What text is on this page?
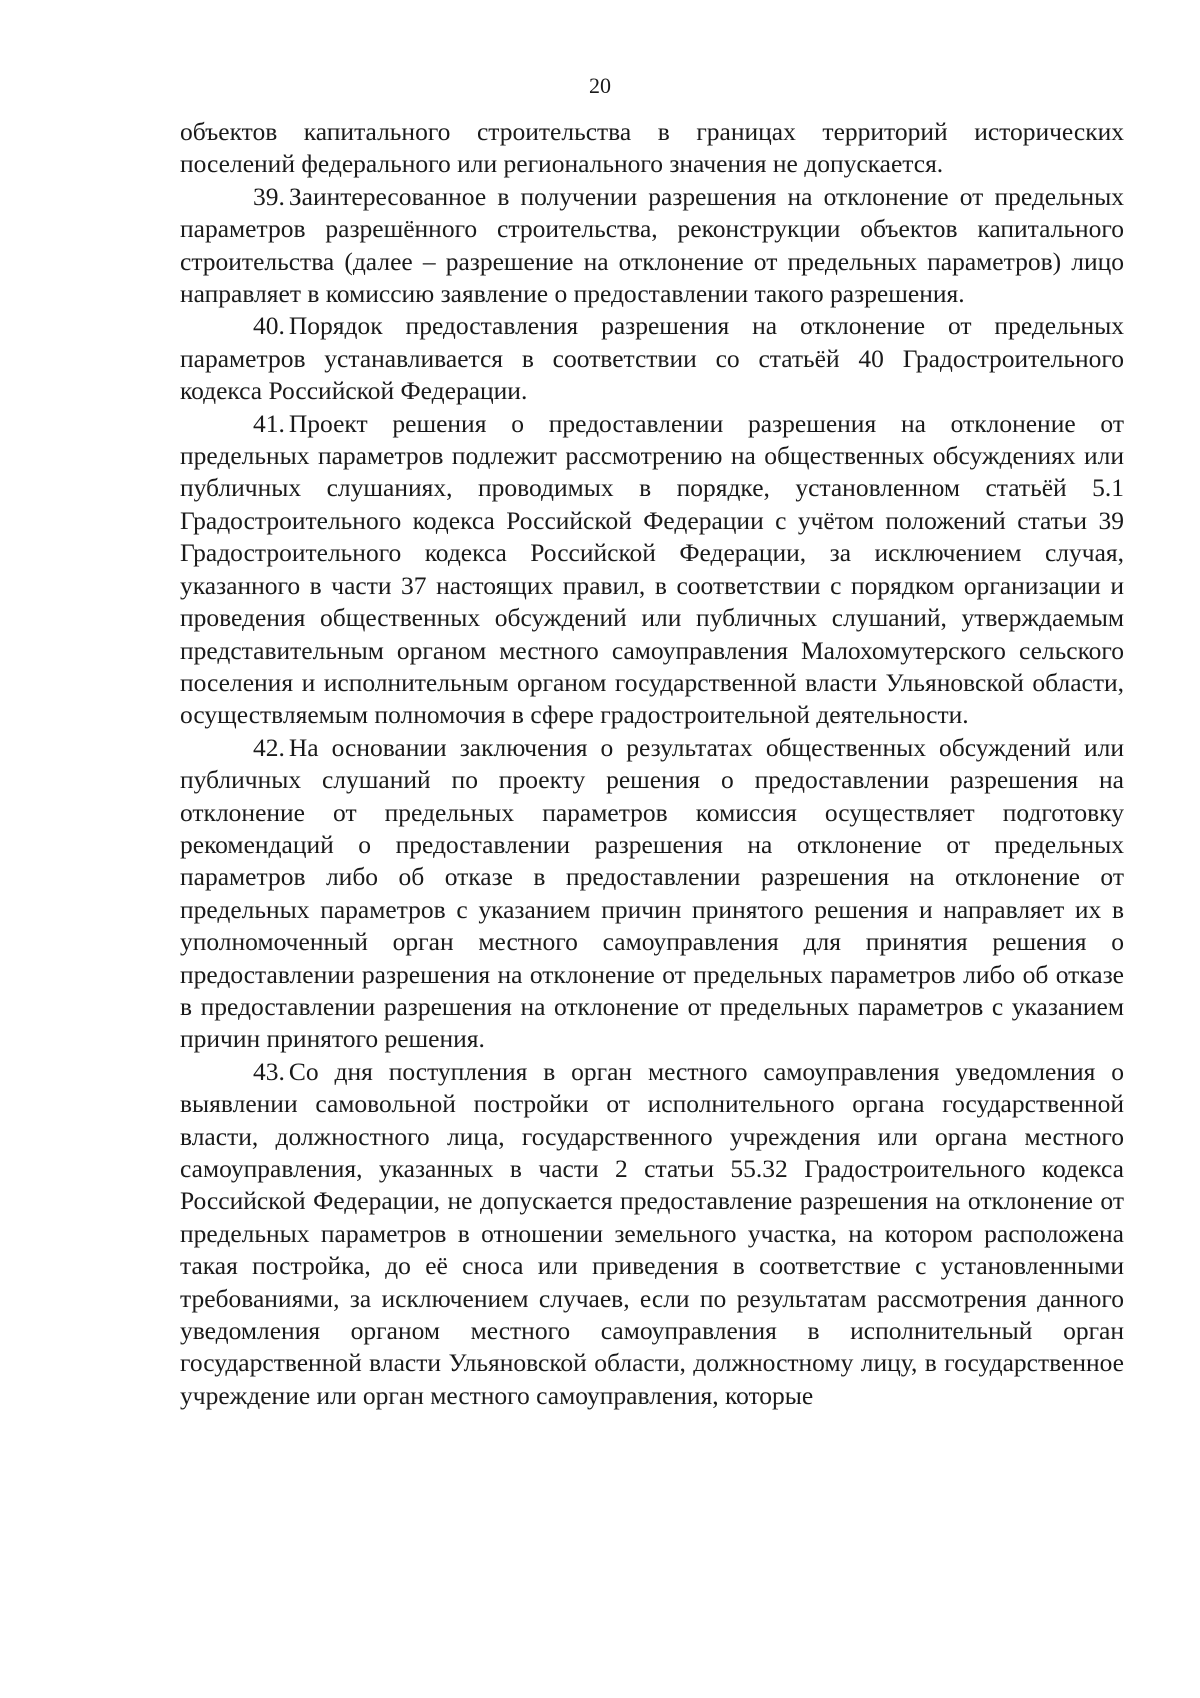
20

объектов капитального строительства в границах территорий исторических поселений федерального или регионального значения не допускается.

39. Заинтересованное в получении разрешения на отклонение от предельных параметров разрешённого строительства, реконструкции объектов капитального строительства (далее – разрешение на отклонение от предельных параметров) лицо направляет в комиссию заявление о предоставлении такого разрешения.

40. Порядок предоставления разрешения на отклонение от предельных параметров устанавливается в соответствии со статьёй 40 Градостроительного кодекса Российской Федерации.

41. Проект решения о предоставлении разрешения на отклонение от предельных параметров подлежит рассмотрению на общественных обсуждениях или публичных слушаниях, проводимых в порядке, установленном статьёй 5.1 Градостроительного кодекса Российской Федерации с учётом положений статьи 39 Градостроительного кодекса Российской Федерации, за исключением случая, указанного в части 37 настоящих правил, в соответствии с порядком организации и проведения общественных обсуждений или публичных слушаний, утверждаемым представительным органом местного самоуправления Малохомутерского сельского поселения и исполнительным органом государственной власти Ульяновской области, осуществляемым полномочия в сфере градостроительной деятельности.

42. На основании заключения о результатах общественных обсуждений или публичных слушаний по проекту решения о предоставлении разрешения на отклонение от предельных параметров комиссия осуществляет подготовку рекомендаций о предоставлении разрешения на отклонение от предельных параметров либо об отказе в предоставлении разрешения на отклонение от предельных параметров с указанием причин принятого решения и направляет их в уполномоченный орган местного самоуправления для принятия решения о предоставлении разрешения на отклонение от предельных параметров либо об отказе в предоставлении разрешения на отклонение от предельных параметров с указанием причин принятого решения.

43. Со дня поступления в орган местного самоуправления уведомления о выявлении самовольной постройки от исполнительного органа государственной власти, должностного лица, государственного учреждения или органа местного самоуправления, указанных в части 2 статьи 55.32 Градостроительного кодекса Российской Федерации, не допускается предоставление разрешения на отклонение от предельных параметров в отношении земельного участка, на котором расположена такая постройка, до её сноса или приведения в соответствие с установленными требованиями, за исключением случаев, если по результатам рассмотрения данного уведомления органом местного самоуправления в исполнительный орган государственной власти Ульяновской области, должностному лицу, в государственное учреждение или орган местного самоуправления, которые
